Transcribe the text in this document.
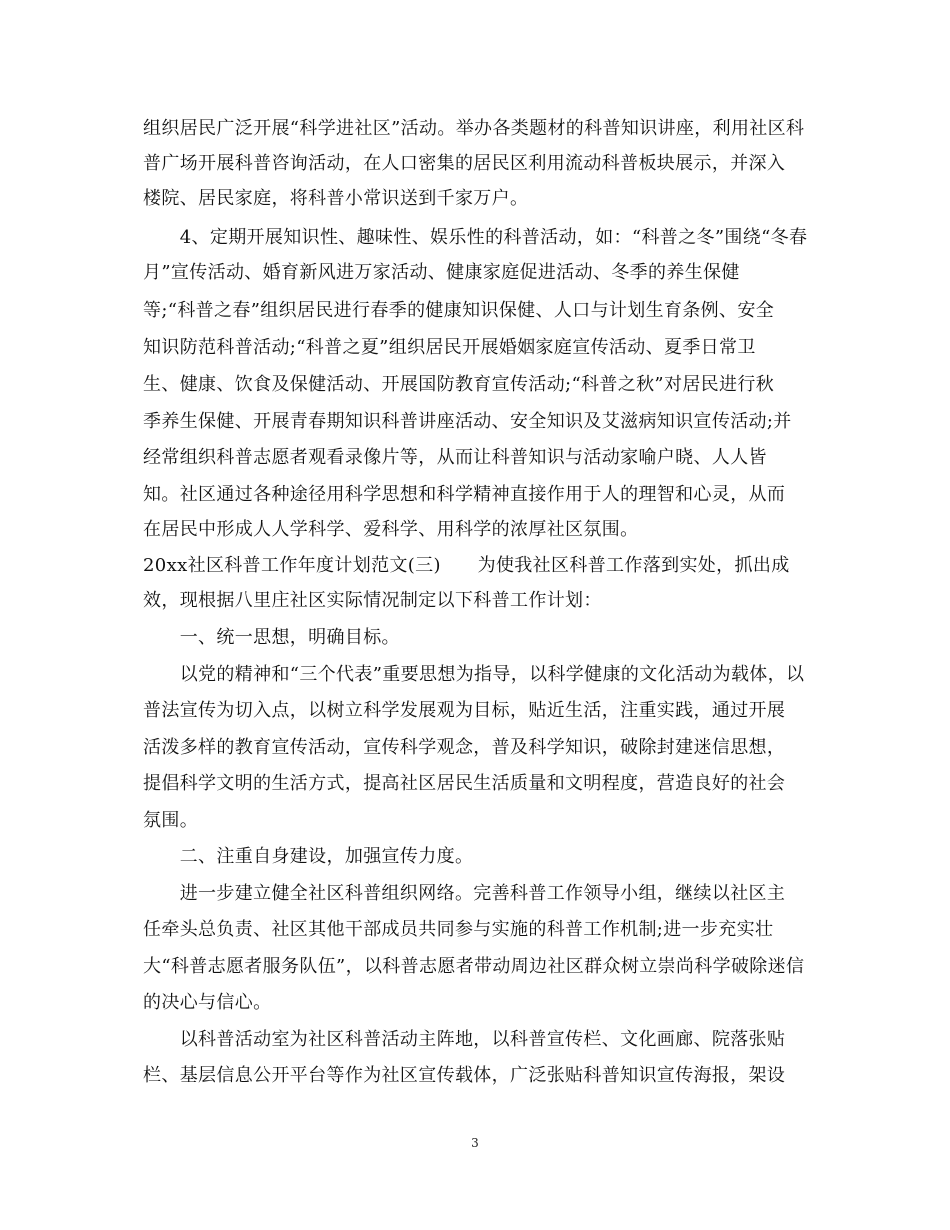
组织居民广泛开展“科学进社区”活动。举办各类题材的科普知识讲座，利用社区科
普广场开展科普咨询活动，在人口密集的居民区利用流动科普板块展示，并深入
楼院、居民家庭，将科普小常识送到千家万户。
　　4、定期开展知识性、趣味性、娱乐性的科普活动，如：“科普之冬”围绕“冬春
月”宣传活动、婚育新风进万家活动、健康家庭促进活动、冬季的养生保健
等;“科普之春”组织居民进行春季的健康知识保健、人口与计划生育条例、安全
知识防范科普活动;“科普之夏”组织居民开展婚姻家庭宣传活动、夏季日常卫
生、健康、饮食及保健活动、开展国防教育宣传活动;“科普之秋”对居民进行秋
季养生保健、开展青春期知识科普讲座活动、安全知识及艾滋病知识宣传活动;并
经常组织科普志愿者观看录像片等，从而让科普知识与活动家喻户晓、人人皆
知。社区通过各种途径用科学思想和科学精神直接作用于人的理智和心灵，从而
在居民中形成人人学科学、爱科学、用科学的浓厚社区氛围。
20xx社区科普工作年度计划范文(三)　　为使我社区科普工作落到实处，抓出成
效，现根据八里庄社区实际情况制定以下科普工作计划：
　　一、统一思想，明确目标。
　　以党的精神和“三个代表”重要思想为指导，以科学健康的文化活动为载体，以
普法宣传为切入点，以树立科学发展观为目标，贴近生活，注重实践，通过开展
活泼多样的教育宣传活动，宣传科学观念，普及科学知识，破除封建迷信思想，
提倡科学文明的生活方式，提高社区居民生活质量和文明程度，营造良好的社会
氛围。
　　二、注重自身建设，加强宣传力度。
　　进一步建立健全社区科普组织网络。完善科普工作领导小组，继续以社区主
任牵头总负责、社区其他干部成员共同参与实施的科普工作机制;进一步充实壮
大“科普志愿者服务队伍”，以科普志愿者带动周边社区群众树立崇尚科学破除迷信
的决心与信心。
　　以科普活动室为社区科普活动主阵地，以科普宣传栏、文化画廊、院落张贴
栏、基层信息公开平台等作为社区宣传载体，广泛张贴科普知识宣传海报，架设
3
